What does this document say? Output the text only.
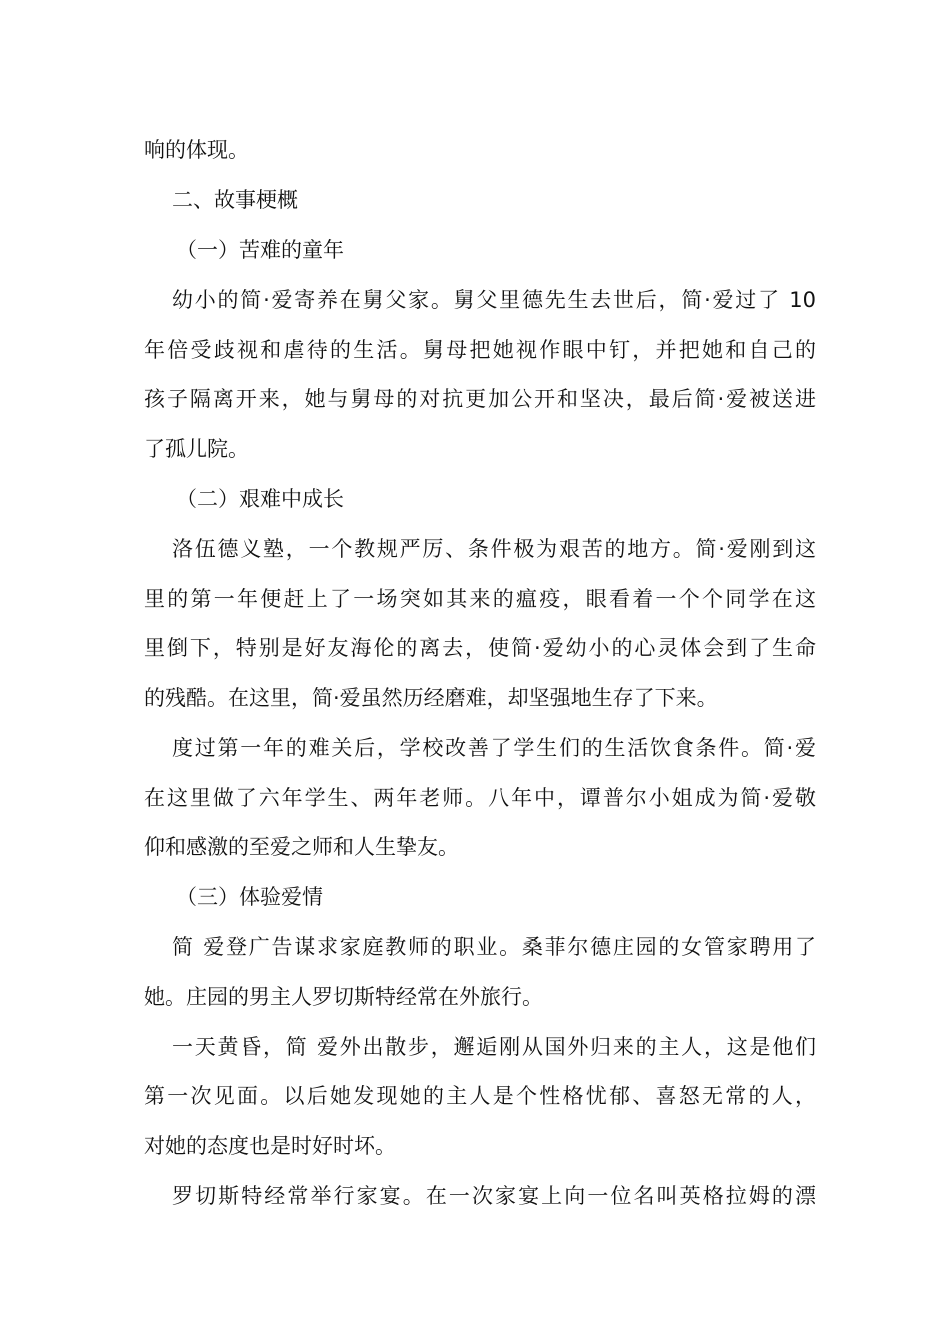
响的体现。
二、故事梗概
（一）苦难的童年
幼小的简·爱寄养在舅父家。舅父里德先生去世后，简·爱过了 10
年倍受歧视和虐待的生活。舅母把她视作眼中钉，并把她和自己的
孩子隔离开来，她与舅母的对抗更加公开和坚决，最后简·爱被送进
了孤儿院。
（二）艰难中成长
洛伍德义塾，一个教规严厉、条件极为艰苦的地方。简·爱刚到这
里的第一年便赶上了一场突如其来的瘟疫，眼看着一个个同学在这
里倒下，特别是好友海伦的离去，使简·爱幼小的心灵体会到了生命
的残酷。在这里，简·爱虽然历经磨难，却坚强地生存了下来。
度过第一年的难关后，学校改善了学生们的生活饮食条件。简·爱
在这里做了六年学生、两年老师。八年中，谭普尔小姐成为简·爱敬
仰和感激的至爱之师和人生挚友。
（三）体验爱情
简 爱登广告谋求家庭教师的职业。桑菲尔德庄园的女管家聘用了
她。庄园的男主人罗切斯特经常在外旅行。
一天黄昏，简 爱外出散步，邂逅刚从国外归来的主人，这是他们
第一次见面。以后她发现她的主人是个性格忧郁、喜怒无常的人，
对她的态度也是时好时坏。
罗切斯特经常举行家宴。在一次家宴上向一位名叫英格拉姆的漂
